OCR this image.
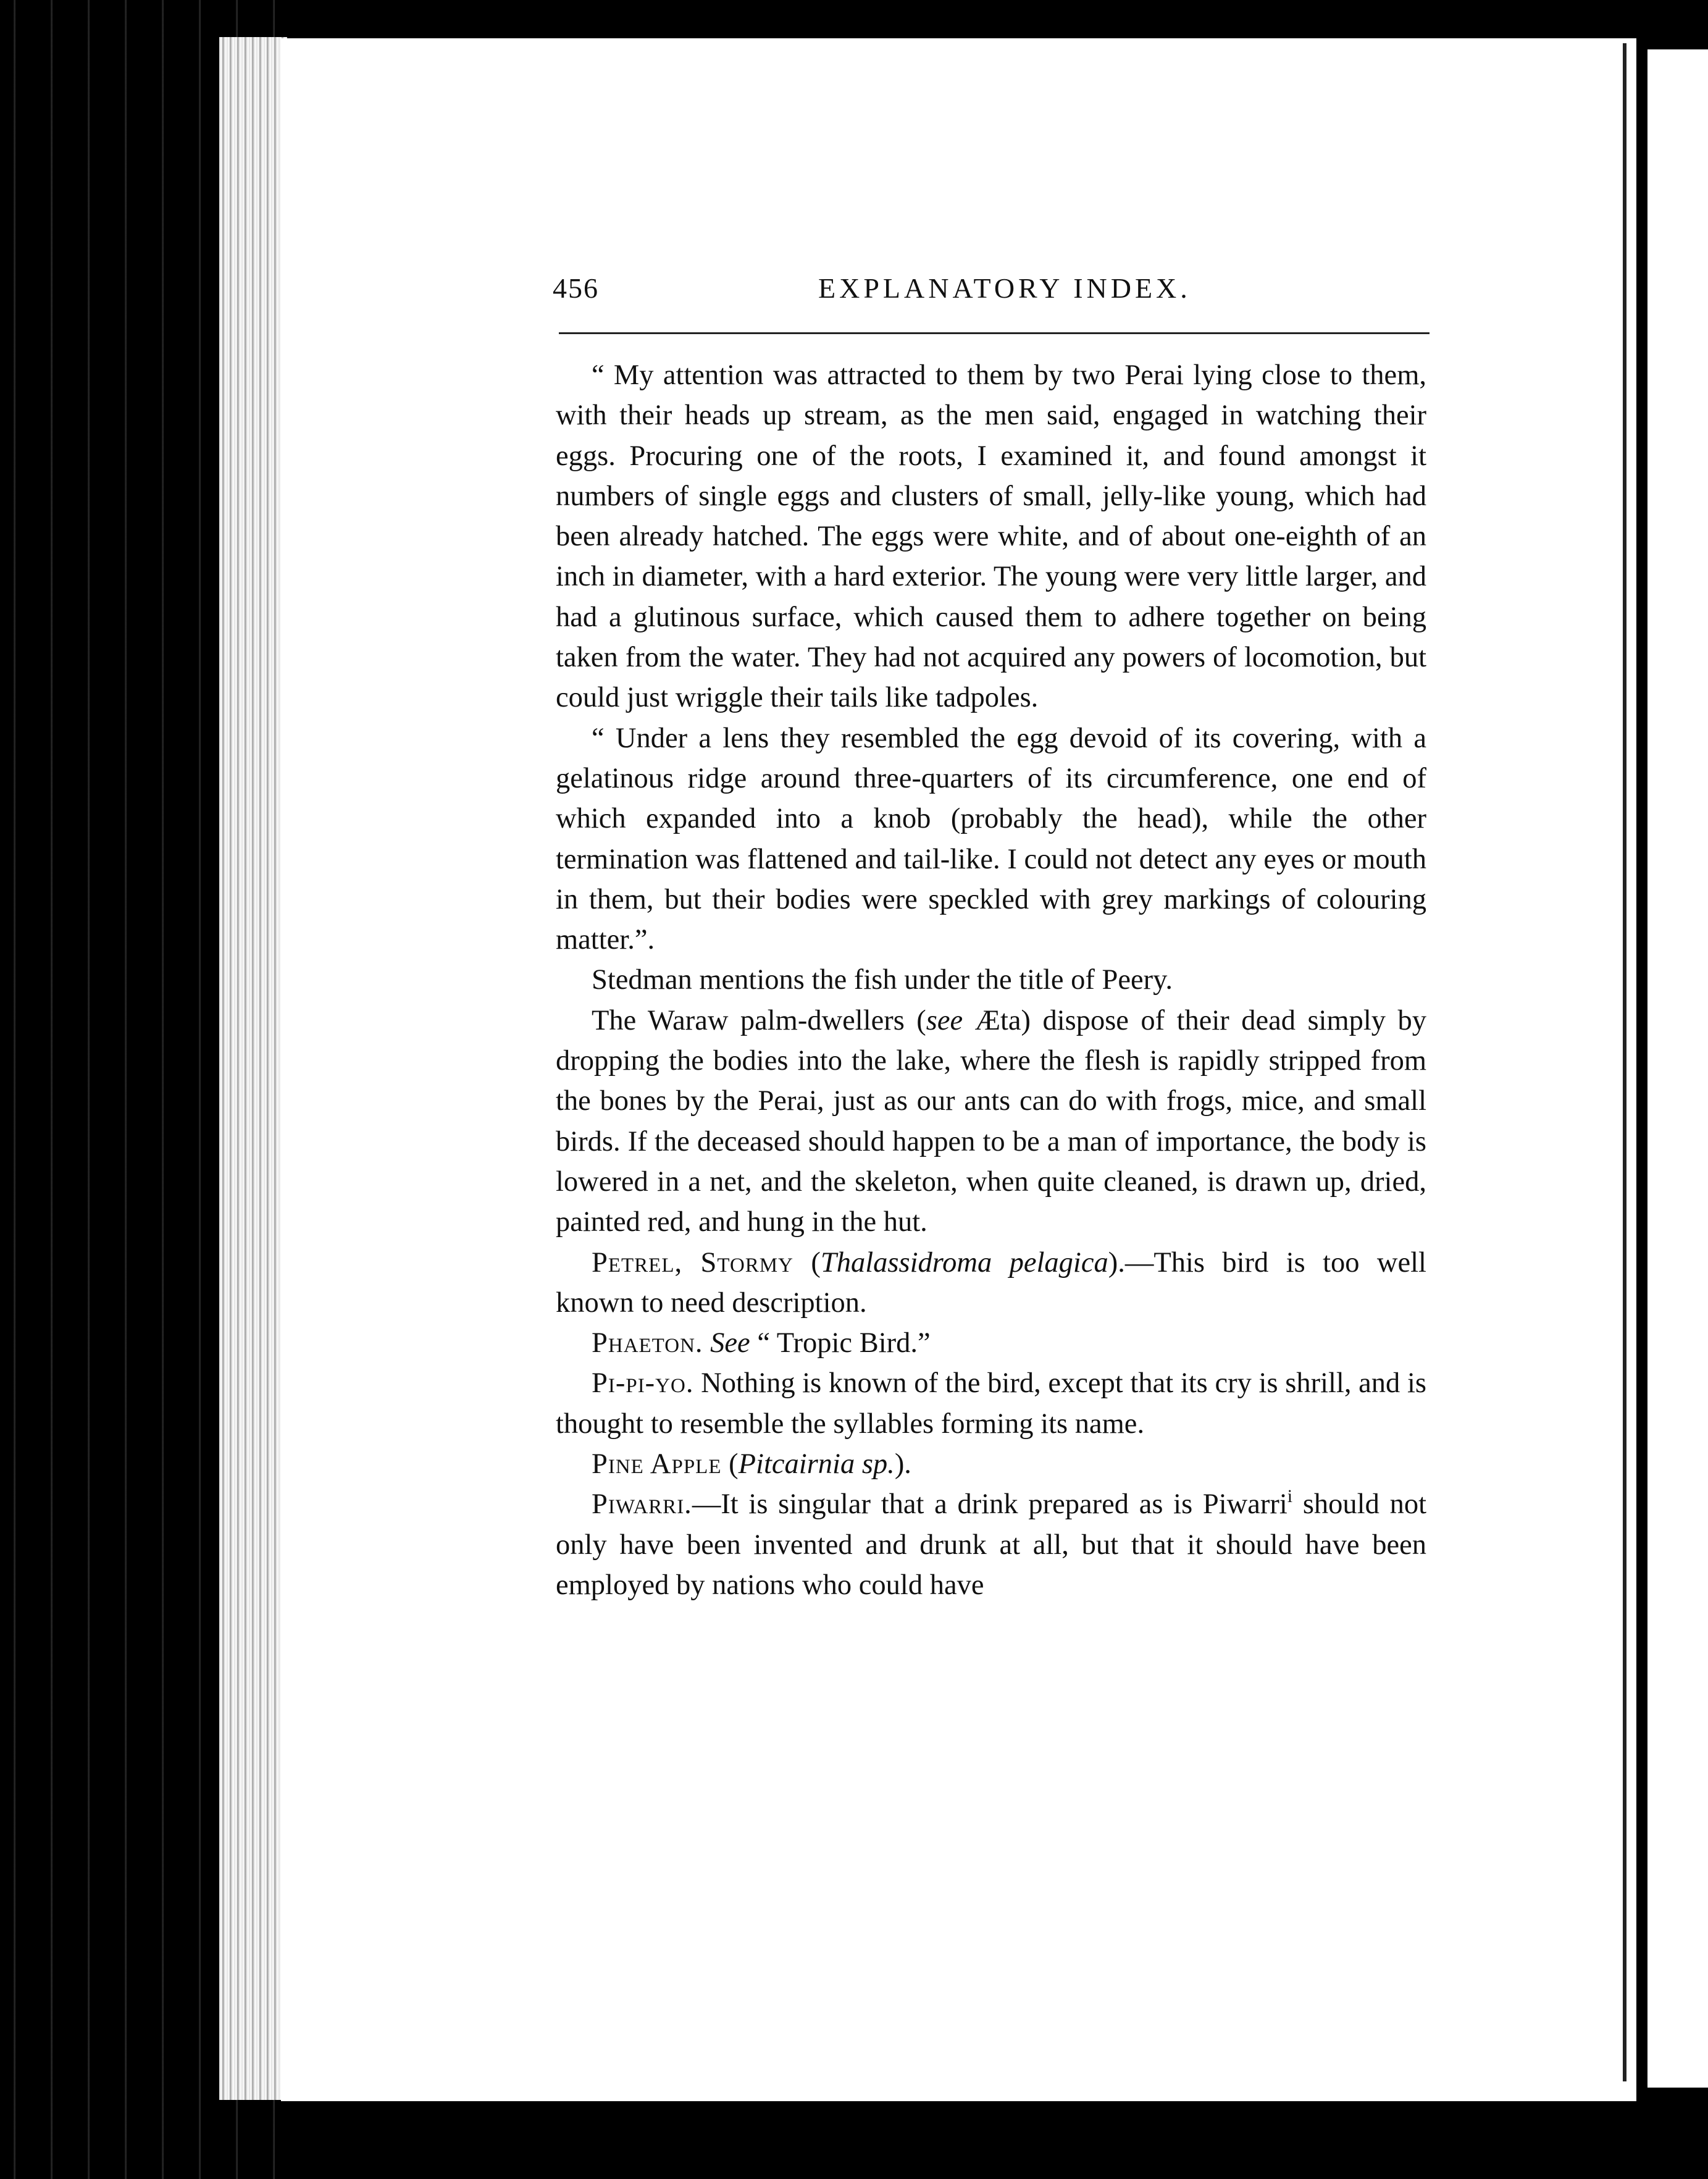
456	EXPLANATORY INDEX.

“ My attention was attracted to them by two Perai lying close to them, with their heads up stream, as the men said, engaged in watching their eggs. Procuring one of the roots, I examined it, and found amongst it numbers of single eggs and clusters of small, jelly-like young, which had been already hatched. The eggs were white, and of about one-eighth of an inch in diameter, with a hard exterior. The young were very little larger, and had a glutinous surface, which caused them to adhere together on being taken from the water. They had not acquired any powers of locomotion, but could just wriggle their tails like tadpoles.

“ Under a lens they resembled the egg devoid of its covering, with a gelatinous ridge around three-quarters of its circumference, one end of which expanded into a knob (probably the head), while the other termination was flattened and tail-like. I could not detect any eyes or mouth in them, but their bodies were speckled with grey markings of colouring matter.”.

Stedman mentions the fish under the title of Peery.

The Waraw palm-dwellers (see Æta) dispose of their dead simply by dropping the bodies into the lake, where the flesh is rapidly stripped from the bones by the Perai, just as our ants can do with frogs, mice, and small birds. If the deceased should happen to be a man of importance, the body is lowered in a net, and the skeleton, when quite cleaned, is drawn up, dried, painted red, and hung in the hut.

Petrel, Stormy (Thalassidroma pelagica).—This bird is too well known to need description.

Phaeton. See “ Tropic Bird.”

Pi-pi-yo. Nothing is known of the bird, except that its cry is shrill, and is thought to resemble the syllables forming its name.

Pine Apple (Pitcairnia sp.).

Piwarri.—It is singular that a drink prepared as is Piwarri$^i$ should not only have been invented and drunk at all, but that it should have been employed by nations who could have
